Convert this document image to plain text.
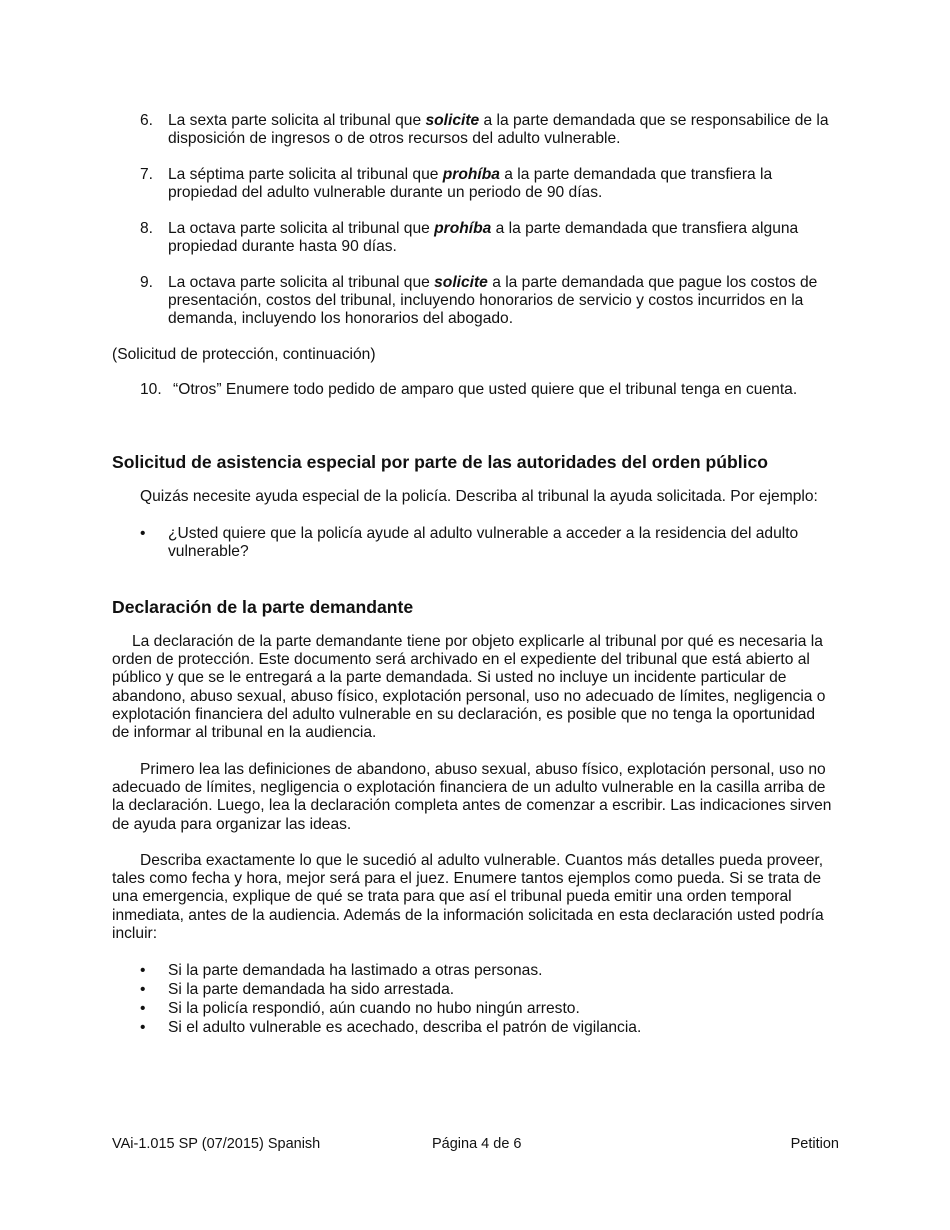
6. La sexta parte solicita al tribunal que solicite a la parte demandada que se responsabilice de la disposición de ingresos o de otros recursos del adulto vulnerable.
7. La séptima parte solicita al tribunal que prohíba a la parte demandada que transfiera la propiedad del adulto vulnerable durante un periodo de 90 días.
8. La octava parte solicita al tribunal que prohíba a la parte demandada que transfiera alguna propiedad durante hasta 90 días.
9. La octava parte solicita al tribunal que solicite a la parte demandada que pague los costos de presentación, costos del tribunal, incluyendo honorarios de servicio y costos incurridos en la demanda, incluyendo los honorarios del abogado.
(Solicitud de protección, continuación)
10. “Otros” Enumere todo pedido de amparo que usted quiere que el tribunal tenga en cuenta.
Solicitud de asistencia especial por parte de las autoridades del orden público
Quizás necesite ayuda especial de la policía. Describa al tribunal la ayuda solicitada. Por ejemplo:
• ¿Usted quiere que la policía ayude al adulto vulnerable a acceder a la residencia del adulto vulnerable?
Declaración de la parte demandante
La declaración de la parte demandante tiene por objeto explicarle al tribunal por qué es necesaria la orden de protección. Este documento será archivado en el expediente del tribunal que está abierto al público y que se le entregará a la parte demandada. Si usted no incluye un incidente particular de abandono, abuso sexual, abuso físico, explotación personal, uso no adecuado de límites, negligencia o explotación financiera del adulto vulnerable en su declaración, es posible que no tenga la oportunidad de informar al tribunal en la audiencia.
Primero lea las definiciones de abandono, abuso sexual, abuso físico, explotación personal, uso no adecuado de límites, negligencia o explotación financiera de un adulto vulnerable en la casilla arriba de la declaración. Luego, lea la declaración completa antes de comenzar a escribir. Las indicaciones sirven de ayuda para organizar las ideas.
Describa exactamente lo que le sucedió al adulto vulnerable. Cuantos más detalles pueda proveer, tales como fecha y hora, mejor será para el juez. Enumere tantos ejemplos como pueda. Si se trata de una emergencia, explique de qué se trata para que así el tribunal pueda emitir una orden temporal inmediata, antes de la audiencia. Además de la información solicitada en esta declaración usted podría incluir:
• Si la parte demandada ha lastimado a otras personas.
• Si la parte demandada ha sido arrestada.
• Si la policía respondió, aún cuando no hubo ningún arresto.
• Si el adulto vulnerable es acechado, describa el patrón de vigilancia.
VAi-1.015 SP (07/2015) Spanish	Página 4 de 6	Petition
